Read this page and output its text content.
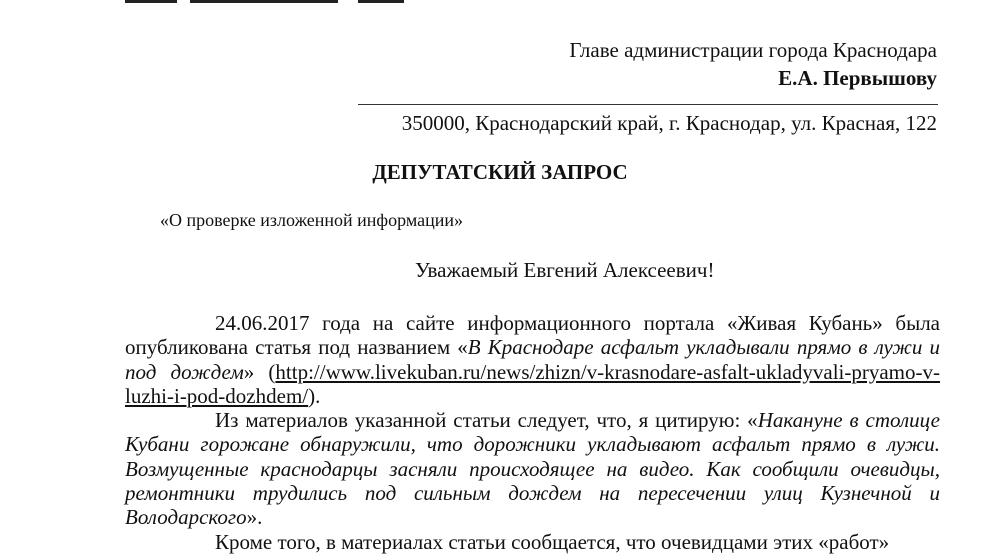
Главе администрации города Краснодара
Е.А. Первышову
350000, Краснодарский край, г. Краснодар, ул. Красная, 122
ДЕПУТАТСКИЙ ЗАПРОС
«О проверке изложенной информации»
Уважаемый Евгений Алексеевич!

24.06.2017 года на сайте информационного портала «Живая Кубань» была опубликована статья под названием «В Краснодаре асфальт укладывали прямо в лужи и под дождем» (http://www.livekuban.ru/news/zhizn/v-krasnodare-asfalt-ukladyvali-pryamo-v-luzhi-i-pod-dozhdem/).

Из материалов указанной статьи следует, что, я цитирую: «Накануне в столице Кубани горожане обнаружили, что дорожники укладывают асфальт прямо в лужи. Возмущенные краснодарцы засняли происходящее на видео. Как сообщили очевидцы, ремонтники трудились под сильным дождем на пересечении улиц Кузнечной и Володарского».

Кроме того, в материалах статьи сообщается, что очевидцами этих «работ»
